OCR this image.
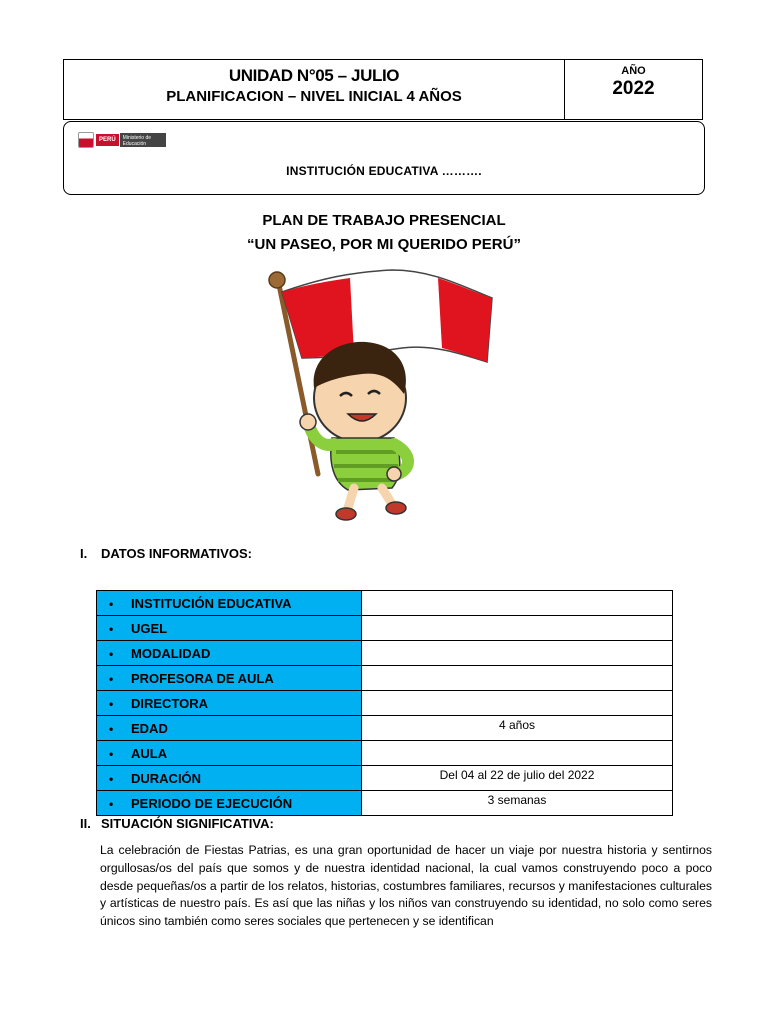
UNIDAD N°05 – JULIO
PLANIFICACION – NIVEL INICIAL 4 AÑOS
AÑO
2022
PERÚ	Ministerio de Educación
INSTITUCIÓN EDUCATIVA ……….
PLAN DE TRABAJO PRESENCIAL
“UN PASEO, POR MI QUERIDO PERÚ”
I. DATOS INFORMATIVOS:
• INSTITUCIÓN EDUCATIVA	
• UGEL	
• MODALIDAD	
• PROFESORA DE AULA	
• DIRECTORA	
• EDAD	4 años
• AULA	
• DURACIÓN	Del 04 al 22 de julio del 2022
• PERIODO DE EJECUCIÓN	3 semanas
II. SITUACIÓN SIGNIFICATIVA:
La celebración de Fiestas Patrias, es una gran oportunidad de hacer un viaje por nuestra historia y sentirnos orgullosas/os del país que somos y de nuestra identidad nacional, la cual vamos construyendo poco a poco desde pequeñas/os a partir de los relatos, historias, costumbres familiares, recursos y manifestaciones culturales y artísticas de nuestro país. Es así que las niñas y los niños van construyendo su identidad, no solo como seres únicos sino también como seres sociales que pertenecen y se identifican
